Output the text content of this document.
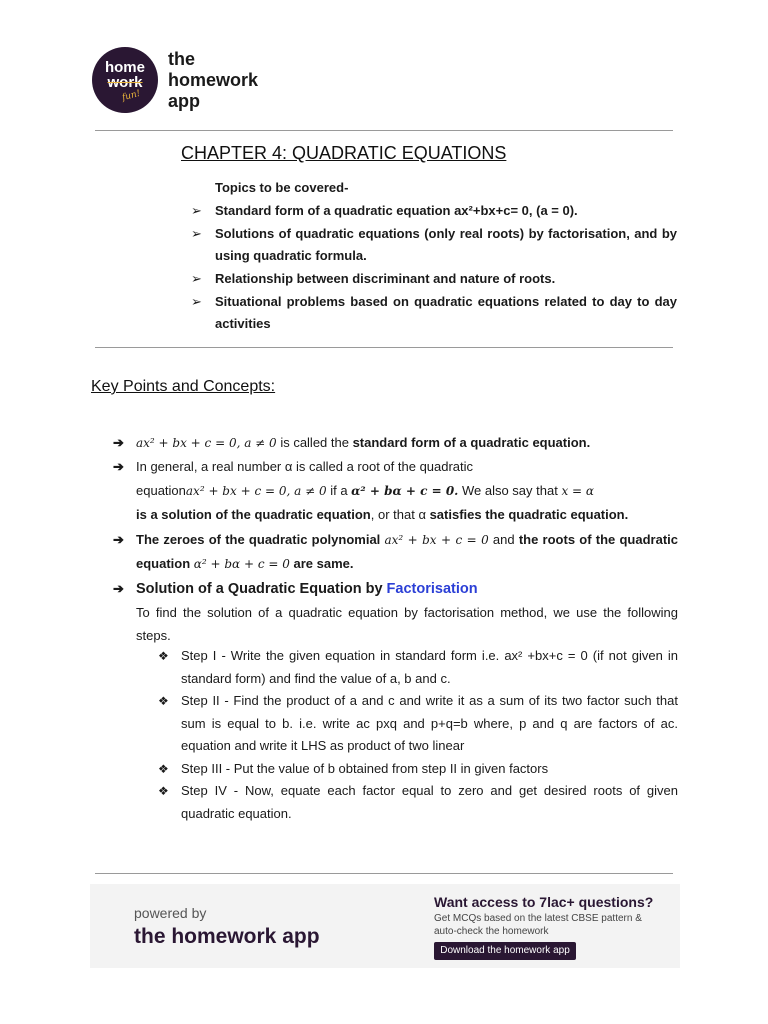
home
work
fun!
the
homework
app
CHAPTER 4: QUADRATIC EQUATIONS
Topics to be covered-
➢ Standard form of a quadratic equation ax²+bx+c= 0, (a = 0).
➢ Solutions of quadratic equations (only real roots) by factorisation, and by using quadratic formula.
➢ Relationship between discriminant and nature of roots.
➢ Situational problems based on quadratic equations related to day to day activities
Key Points and Concepts:
➔ ax² + bx + c = 0, a ≠ 0 is called the standard form of a quadratic equation.
➔ In general, a real number α is called a root of the quadratic
equationax² + bx + c = 0, a ≠ 0 if a α² + bα + c = 0. We also say that x = α
is a solution of the quadratic equation, or that α satisfies the quadratic equation.
➔ The zeroes of the quadratic polynomial ax² + bx + c = 0 and the roots of the quadratic equation α² + bα + c = 0 are same.
➔ Solution of a Quadratic Equation by Factorisation
To find the solution of a quadratic equation by factorisation method, we use the following steps.
❖ Step I - Write the given equation in standard form i.e. ax² +bx+c = 0 (if not given in standard form) and find the value of a, b and c.
❖ Step II - Find the product of a and c and write it as a sum of its two factor such that sum is equal to b. i.e. write ac pxq and p+q=b where, p and q are factors of ac. equation and write it LHS as product of two linear
❖ Step III - Put the value of b obtained from step II in given factors
❖ Step IV - Now, equate each factor equal to zero and get desired roots of given quadratic equation.
powered by
the homework app
Want access to 7lac+ questions?
Get MCQs based on the latest CBSE pattern & auto-check the homework
Download the homework app
